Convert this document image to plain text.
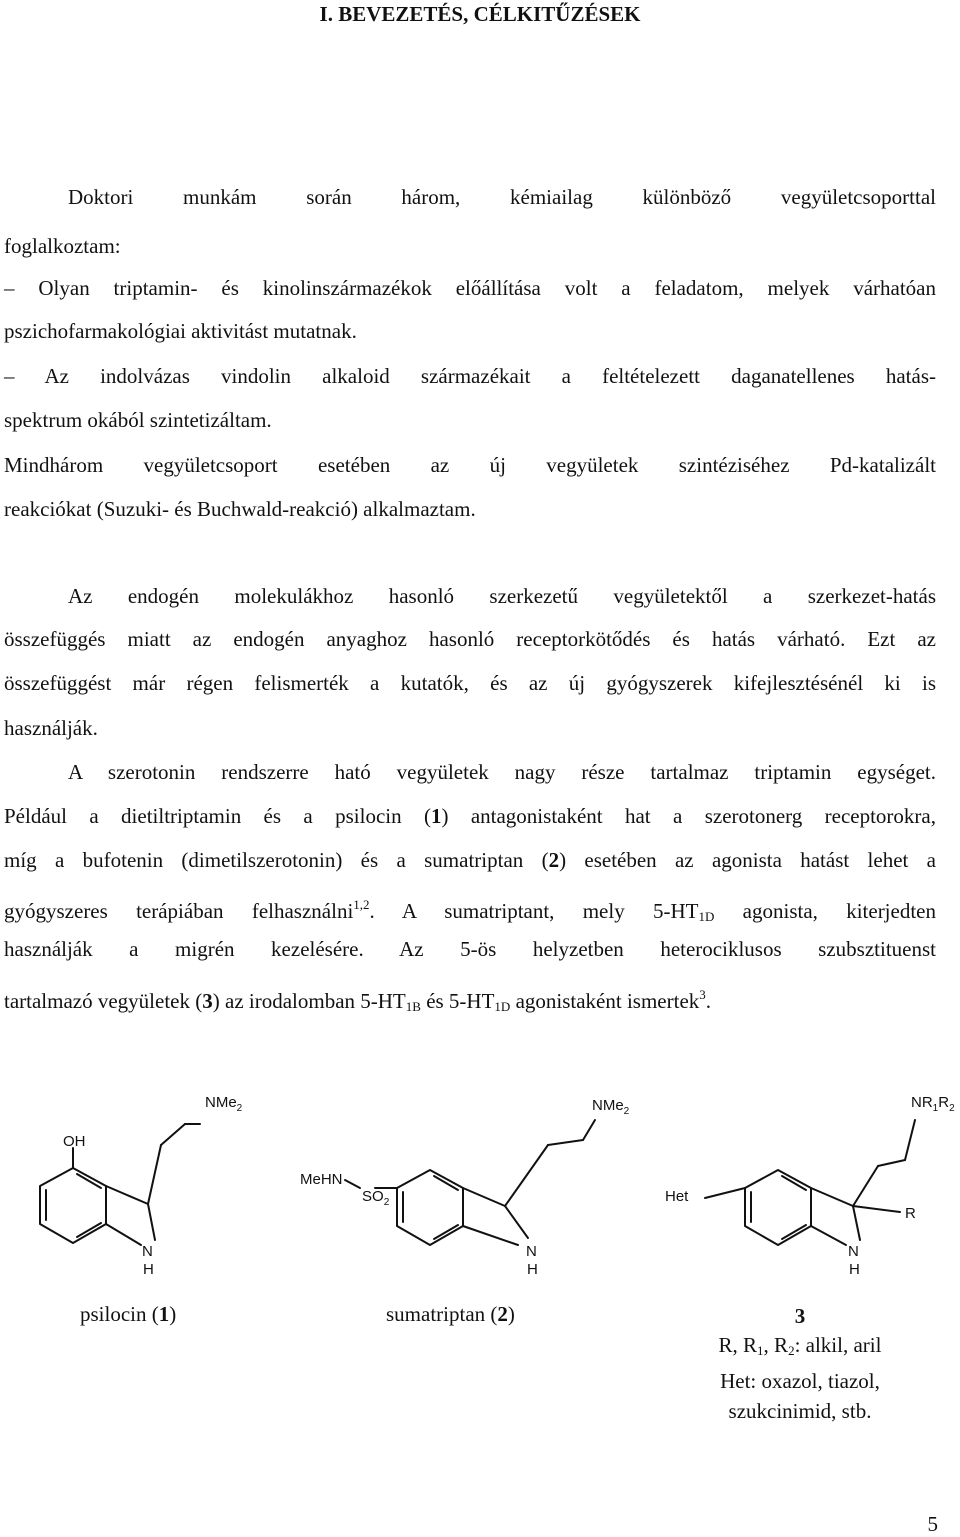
I. BEVEZETÉS, CÉLKITŰZÉSEK
Doktori munkám során három, kémiailag különböző vegyületcsoporttal
foglalkoztam:
– Olyan triptamin- és kinolinszármazékok előállítása volt a feladatom, melyek várhatóan
pszichofarmakológiai aktivitást mutatnak.
– Az indolvázas vindolin alkaloid származékait a feltételezett daganatellenes hatás-
spektrum okából szintetizáltam.
Mindhárom vegyületcsoport esetében az új vegyületek szintéziséhez Pd-katalizált
reakciókat (Suzuki- és Buchwald-reakció) alkalmaztam.
Az endogén molekulákhoz hasonló szerkezetű vegyületektől a szerkezet-hatás
összefüggés miatt az endogén anyaghoz hasonló receptorkötődés és hatás várható. Ezt az
összefüggést már régen felismerték a kutatók, és az új gyógyszerek kifejlesztésénél ki is
használják.
A szerotonin rendszerre ható vegyületek nagy része tartalmaz triptamin egységet.
Például a dietiltriptamin és a psilocin (1) antagonistaként hat a szerotonerg receptorokra,
míg a bufotenin (dimetilszerotonin) és a sumatriptan (2) esetében az agonista hatást lehet a
gyógyszeres terápiában felhasználni$^{1,2}$. A sumatriptant, mely $5-HT_{1D}$ agonista, kiterjedten
használják a migrén kezelésére. Az 5-ös helyzetben heterociklusos szubsztituenst
tartalmazó vegyületek (3) az irodalomban $5-HT_{1B}$ és $5-HT_{1D}$ agonistaként ismertek$^3$.
OH
NMe$_2$
N
H
MeHN
$SO_2$
NMe$_2$
N
H
$NR_1R_2$
Het
R
N
H
psilocin (1)	sumatriptan (2)	3
R, $R_1$, $R_2$: alkil, aril
Het: oxazol, tiazol,
szukcinimid, stb.
5
